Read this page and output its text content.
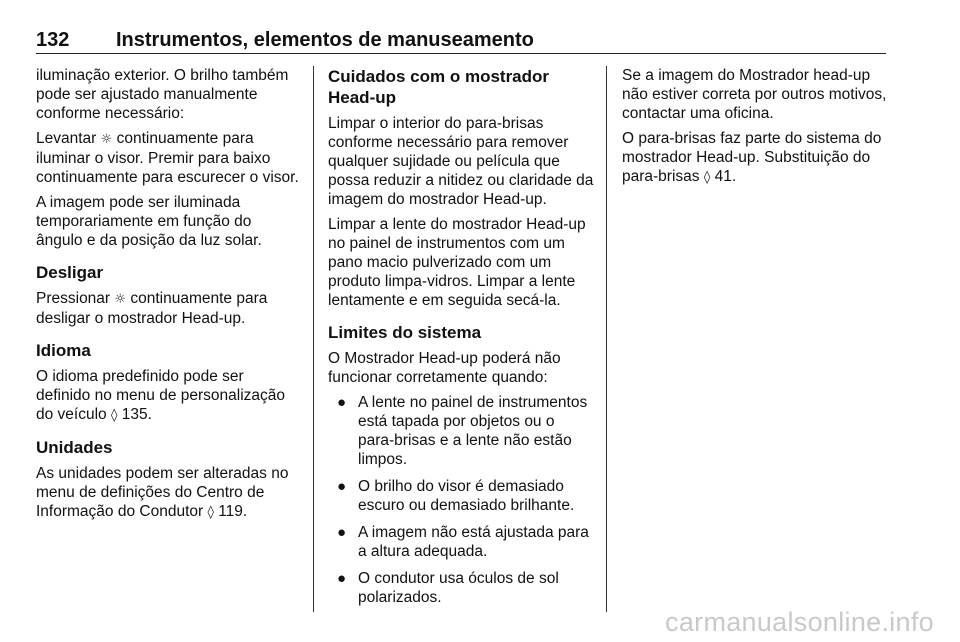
132	Instrumentos, elementos de manuseamento

iluminação exterior. O brilho também pode ser ajustado manualmente conforme necessário:

Levantar ☼ continuamente para iluminar o visor. Premir para baixo continuamente para escurecer o visor.

A imagem pode ser iluminada temporariamente em função do ângulo e da posição da luz solar.

Desligar

Pressionar ☼ continuamente para desligar o mostrador Head-up.

Idioma

O idioma predefinido pode ser definido no menu de personalização do veículo ◊ 135.

Unidades

As unidades podem ser alteradas no menu de definições do Centro de Informação do Condutor ◊ 119.

Cuidados com o mostrador Head-up

Limpar o interior do para-brisas conforme necessário para remover qualquer sujidade ou película que possa reduzir a nitidez ou claridade da imagem do mostrador Head-up.

Limpar a lente do mostrador Head-up no painel de instrumentos com um pano macio pulverizado com um produto limpa-vidros. Limpar a lente lentamente e em seguida secá-la.

Limites do sistema

O Mostrador Head-up poderá não funcionar corretamente quando:

● A lente no painel de instrumentos está tapada por objetos ou o para-brisas e a lente não estão limpos.
● O brilho do visor é demasiado escuro ou demasiado brilhante.
● A imagem não está ajustada para a altura adequada.
● O condutor usa óculos de sol polarizados.

Se a imagem do Mostrador head-up não estiver correta por outros motivos, contactar uma oficina.

O para-brisas faz parte do sistema do mostrador Head-up. Substituição do para-brisas ◊ 41.

carmanualsonline.info
